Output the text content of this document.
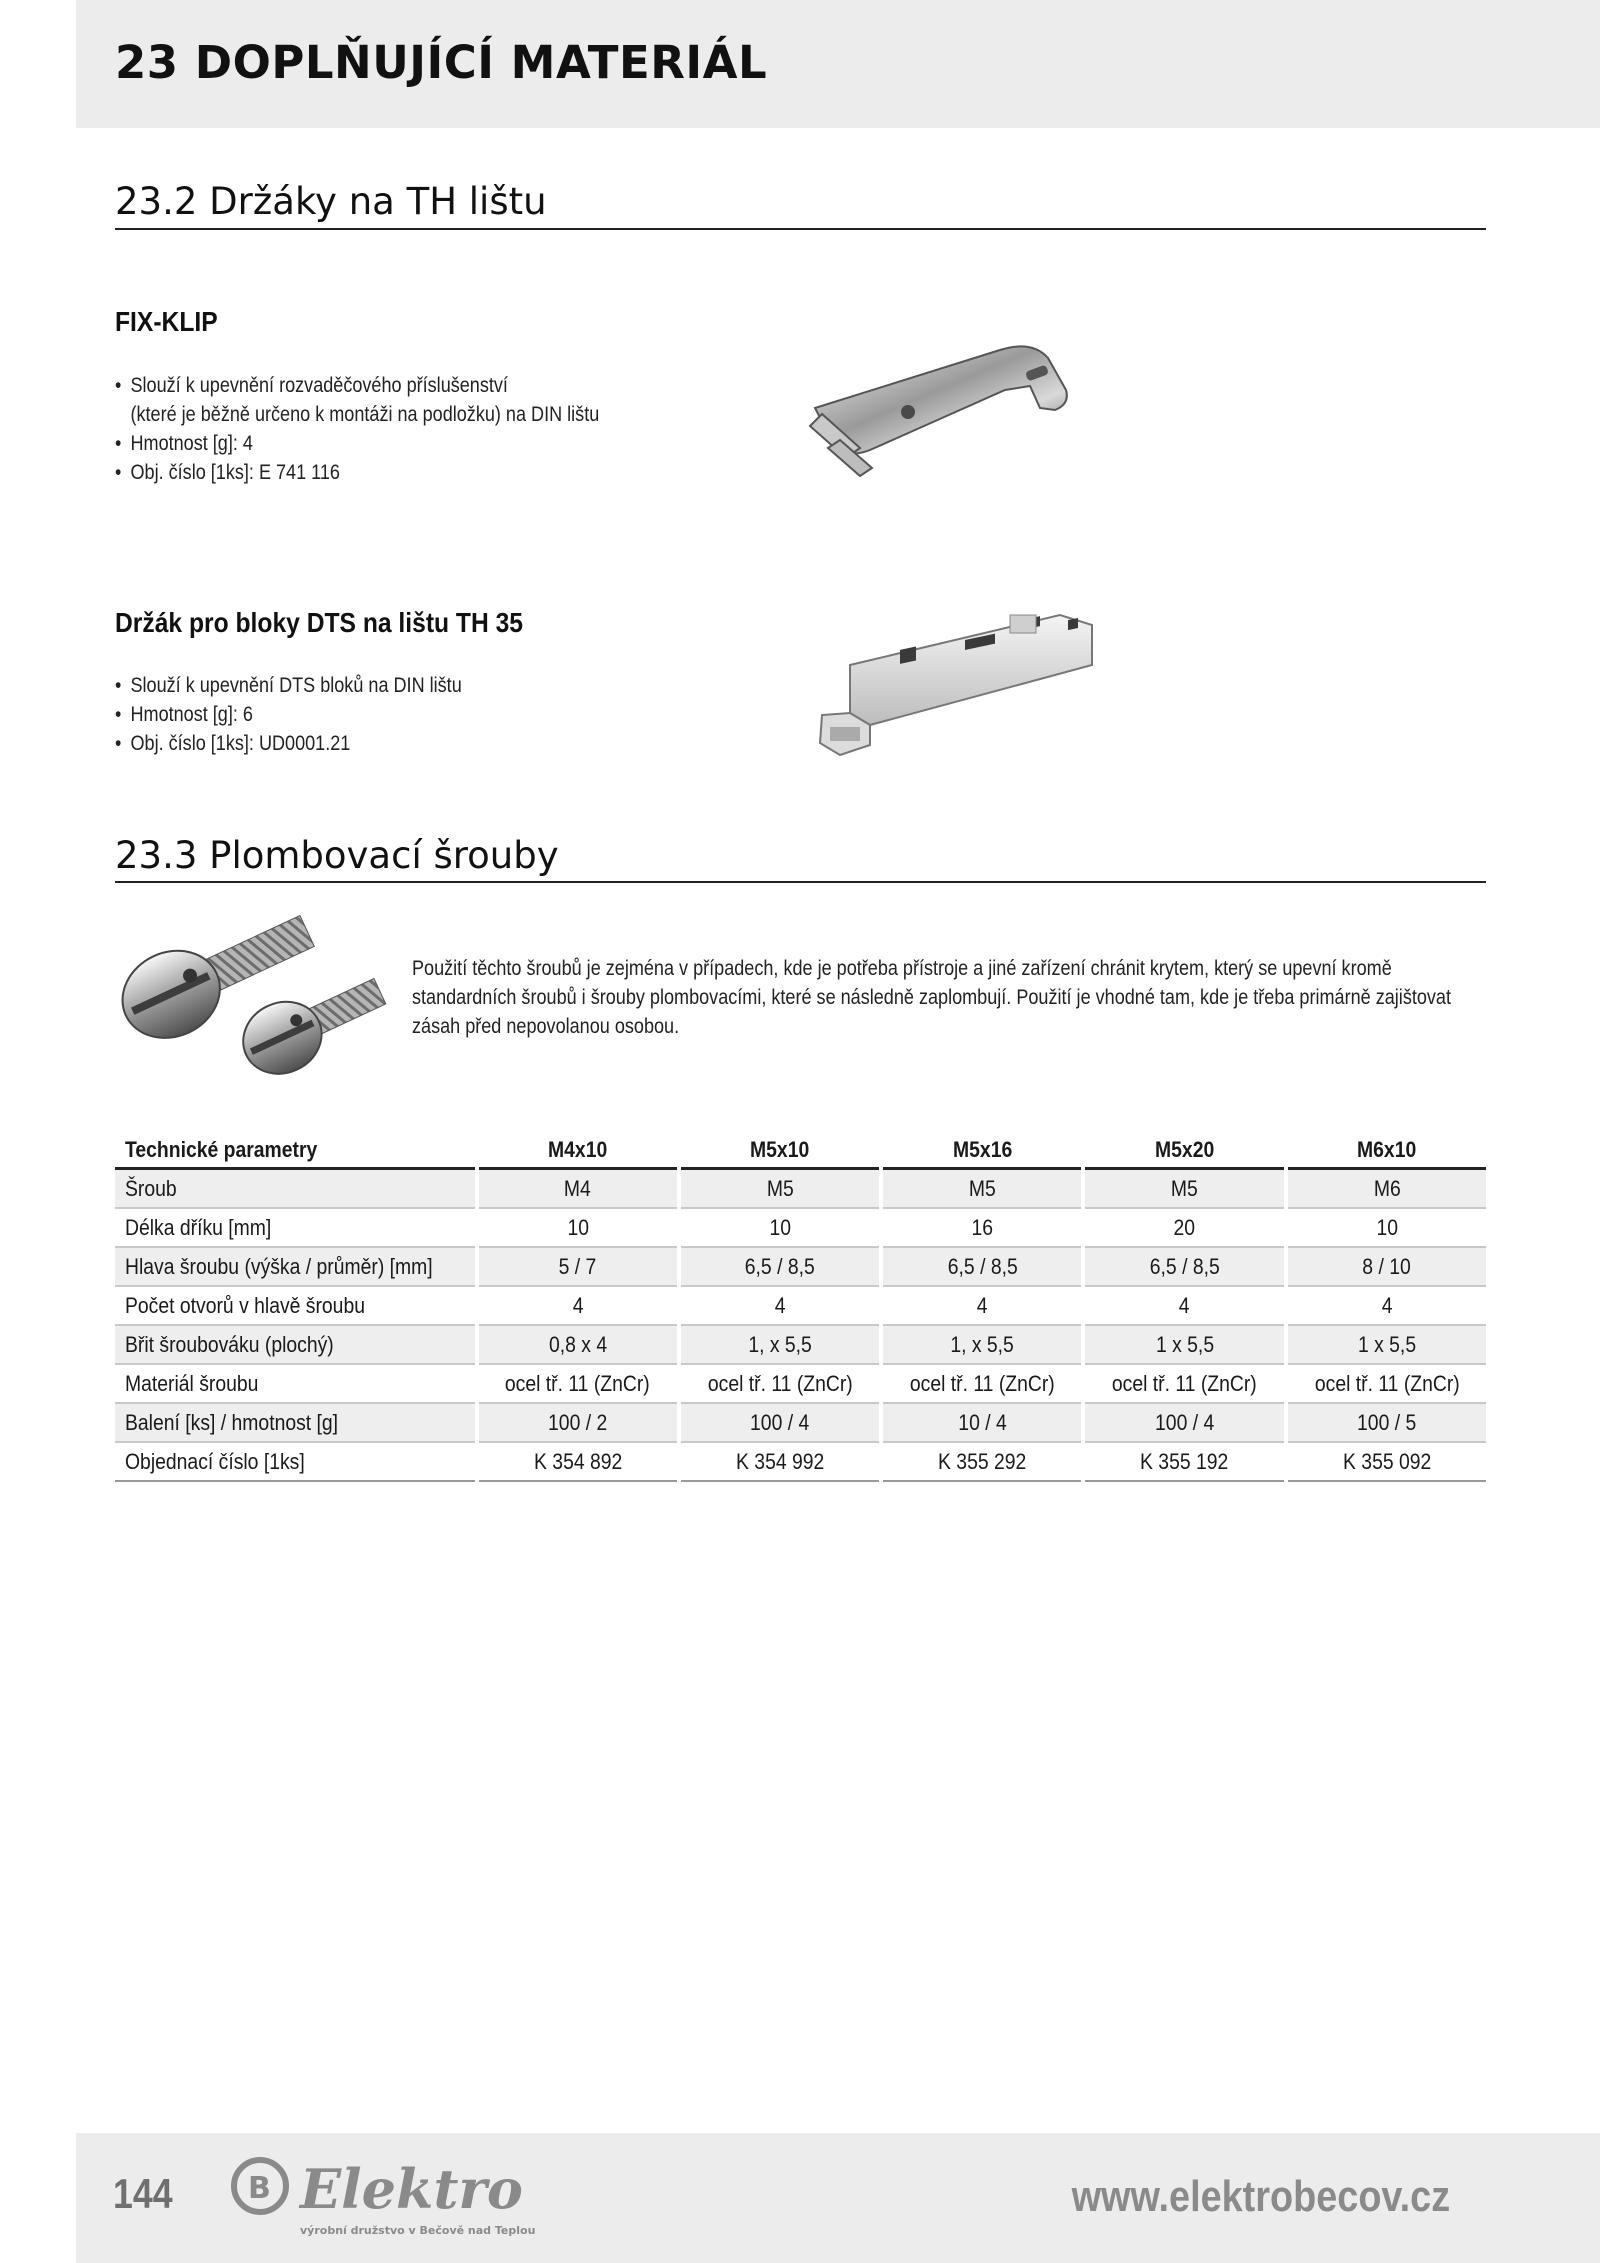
23 DOPLŇUJÍCÍ MATERIÁL
23.2 Držáky na TH lištu
FIX-KLIP
• Slouží k upevnění rozvaděčového příslušenství
(které je běžně určeno k montáži na podložku) na DIN lištu
• Hmotnost [g]: 4
• Obj. číslo [1ks]: E 741 116
Držák pro bloky DTS na lištu TH 35
• Slouží k upevnění DTS bloků na DIN lištu
• Hmotnost [g]: 6
• Obj. číslo [1ks]: UD0001.21
23.3 Plombovací šrouby

Použití těchto šroubů je zejména v případech, kde je potřeba přístroje a jiné zařízení chránit krytem, který se upevní kromě standardních šroubů i šrouby plombovacími, které se následně zaplombují. Použití je vhodné tam, kde je třeba primárně zajištovat zásah před nepovolanou osobou.

Technické parametry		M4x10		M5x10		M5x16		M5x20		M6x10
Šroub		M4		M5		M5		M5		M6
Délka dříku [mm]		10		10		16		20		10
Hlava šroubu (výška / průměr) [mm]		5 / 7		6,5 / 8,5		6,5 / 8,5		6,5 / 8,5		8 / 10
Počet otvorů v hlavě šroubu		4		4		4		4		4
Břit šroubováku (plochý)		0,8 x 4		1, x 5,5		1, x 5,5		1 x 5,5		1 x 5,5
Materiál šroubu		ocel tř. 11 (ZnCr)		ocel tř. 11 (ZnCr)		ocel tř. 11 (ZnCr)		ocel tř. 11 (ZnCr)		ocel tř. 11 (ZnCr)
Balení [ks] / hmotnost [g]		100 / 2		100 / 4		10 / 4		100 / 4		100 / 5
Objednací číslo [1ks]		K 354 892		K 354 992		K 355 292		K 355 192		K 355 092

144	B Elektro
výrobní družstvo v Bečově nad Teplou

www.elektrobecov.cz
